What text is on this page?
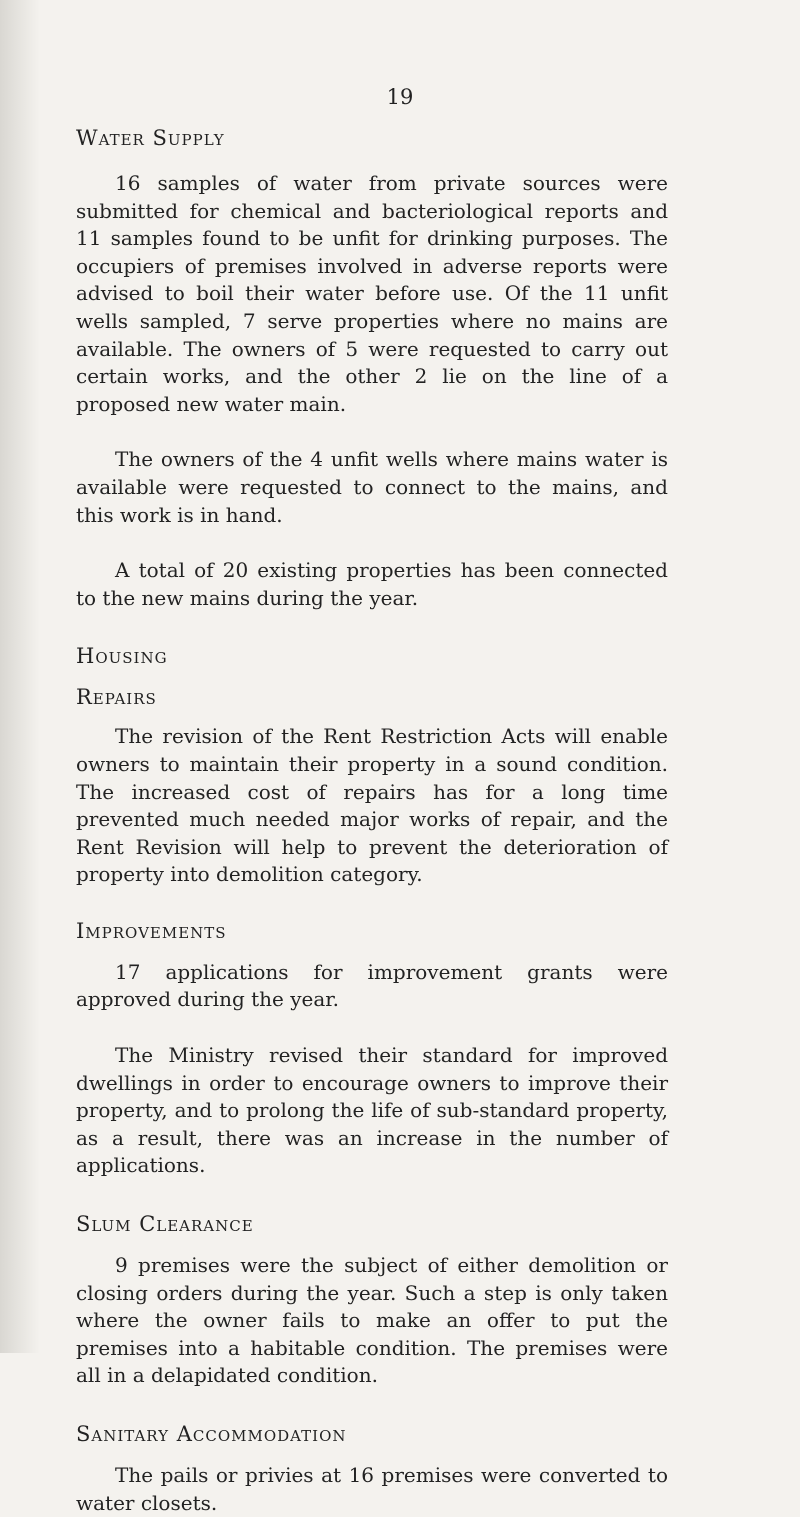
19

Water Supply

16 samples of water from private sources were submitted for chemical and bacteriological reports and 11 samples found to be unfit for drinking purposes. The occupiers of premises involved in adverse reports were advised to boil their water before use. Of the 11 unfit wells sampled, 7 serve properties where no mains are available. The owners of 5 were requested to carry out certain works, and the other 2 lie on the line of a proposed new water main.

The owners of the 4 unfit wells where mains water is available were requested to connect to the mains, and this work is in hand.

A total of 20 existing properties has been connected to the new mains during the year.

Housing
Repairs

The revision of the Rent Restriction Acts will enable owners to maintain their property in a sound condition. The increased cost of repairs has for a long time prevented much needed major works of repair, and the Rent Revision will help to prevent the deterioration of property into demolition category.

Improvements

17 applications for improvement grants were approved during the year.

The Ministry revised their standard for improved dwellings in order to encourage owners to improve their property, and to prolong the life of sub-standard property, as a result, there was an increase in the number of applications.

Slum Clearance

9 premises were the subject of either demolition or closing orders during the year. Such a step is only taken where the owner fails to make an offer to put the premises into a habitable condition. The premises were all in a delapidated condition.

Sanitary Accommodation

The pails or privies at 16 premises were converted to water closets.
